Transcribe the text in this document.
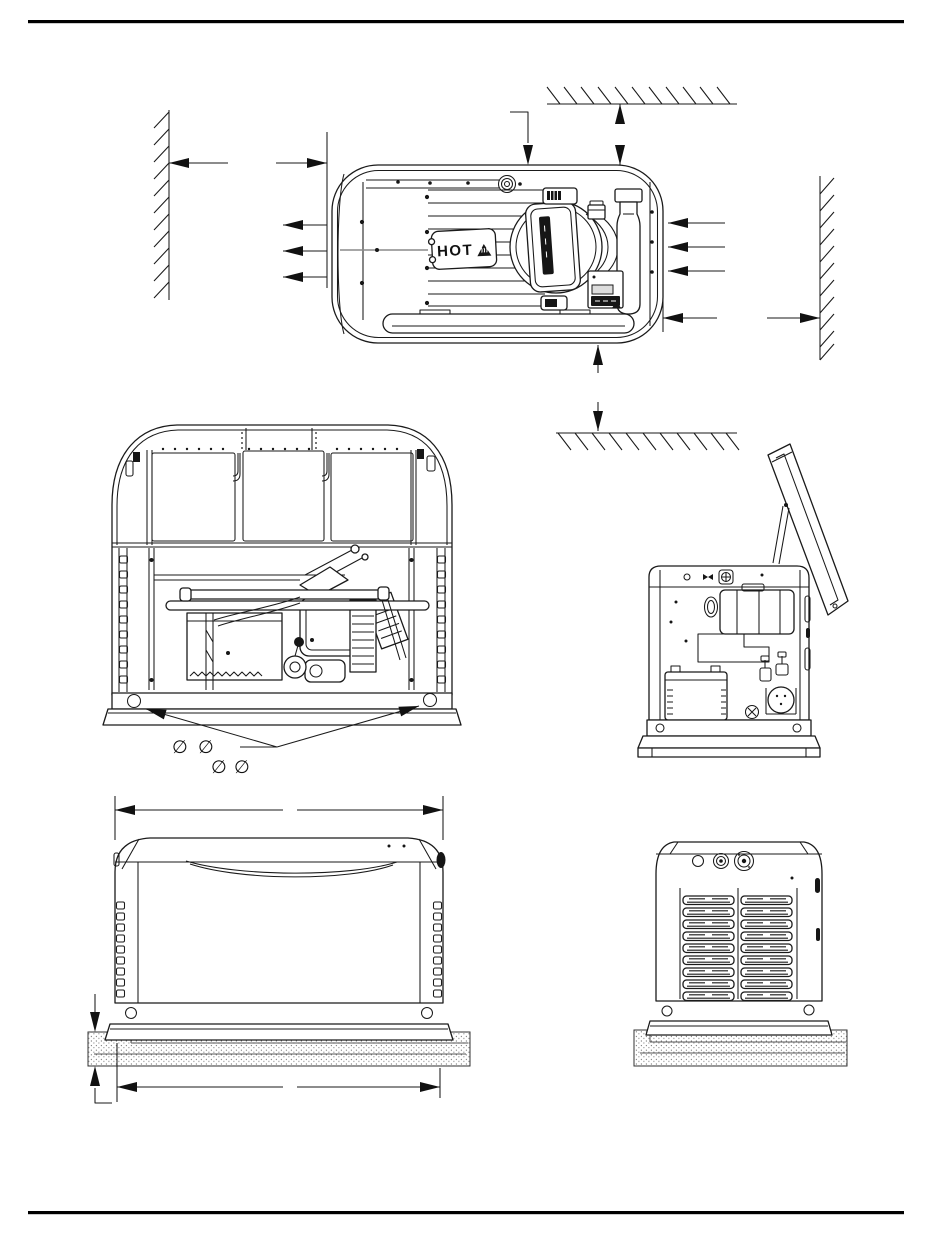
HOT
∅ ∅
∅ ∅
